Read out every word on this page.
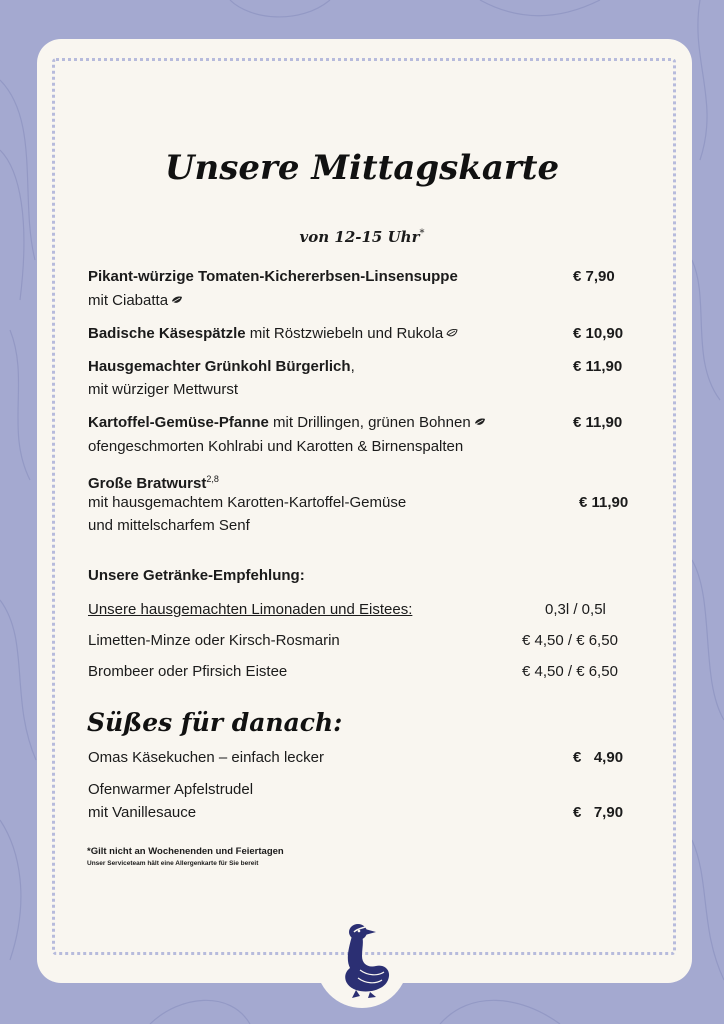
Unsere Mittagskarte
von 12-15 Uhr*
Pikant-würzige Tomaten-Kichererbsen-Linsensuppe
mit Ciabatta
€ 7,90
Badische Käsespätzle mit Röstzwiebeln und Rukola	€ 10,90
Hausgemachter Grünkohl Bürgerlich,
mit würziger Mettwurst
€ 11,90
Kartoffel-Gemüse-Pfanne mit Drillingen, grünen Bohnen
ofengeschmorten Kohlrabi und Karotten & Birnenspalten
€ 11,90
Große Bratwurst$^{2,8}$
mit hausgemachtem Karotten-Kartoffel-Gemüse
und mittelscharfem Senf
€ 11,90
Unsere Getränke-Empfehlung:
Unsere hausgemachten Limonaden und Eistees:	0,3l / 0,5l
Limetten-Minze oder Kirsch-Rosmarin	€ 4,50 / € 6,50
Brombeer oder Pfirsich Eistee	€ 4,50 / € 6,50
Süßes für danach:
Omas Käsekuchen – einfach lecker	€   4,90
Ofenwarmer Apfelstrudel
mit Vanillesauce	€   7,90
*Gilt nicht an Wochenenden und Feiertagen
Unser Serviceteam hält eine Allergenkarte für Sie bereit
